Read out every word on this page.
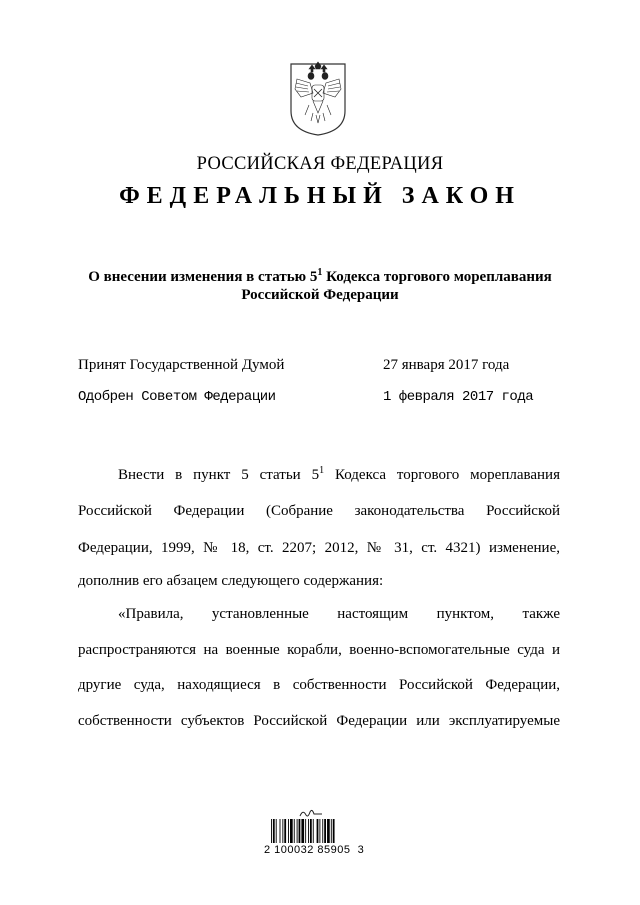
РОССИЙСКАЯ ФЕДЕРАЦИЯ
ФЕДЕРАЛЬНЫЙ ЗАКОН
О внесении изменения в статью $5^1$ Кодекса торгового мореплавания
Российской Федерации
Принят Государственной Думой	27 января 2017 года
Одобрен Советом Федерации	1 февраля 2017 года
Внести в пункт 5 статьи $5^1$ Кодекса торгового мореплавания
Российской Федерации (Собрание законодательства Российской
Федерации, 1999, № 18, ст. 2207; 2012, № 31, ст. 4321) изменение,
дополнив его абзацем следующего содержания:
«Правила, установленные настоящим пунктом, также
распространяются на военные корабли, военно-вспомогательные суда и
другие суда, находящиеся в собственности Российской Федерации,
собственности субъектов Российской Федерации или эксплуатируемые
2 100032 85905  3
